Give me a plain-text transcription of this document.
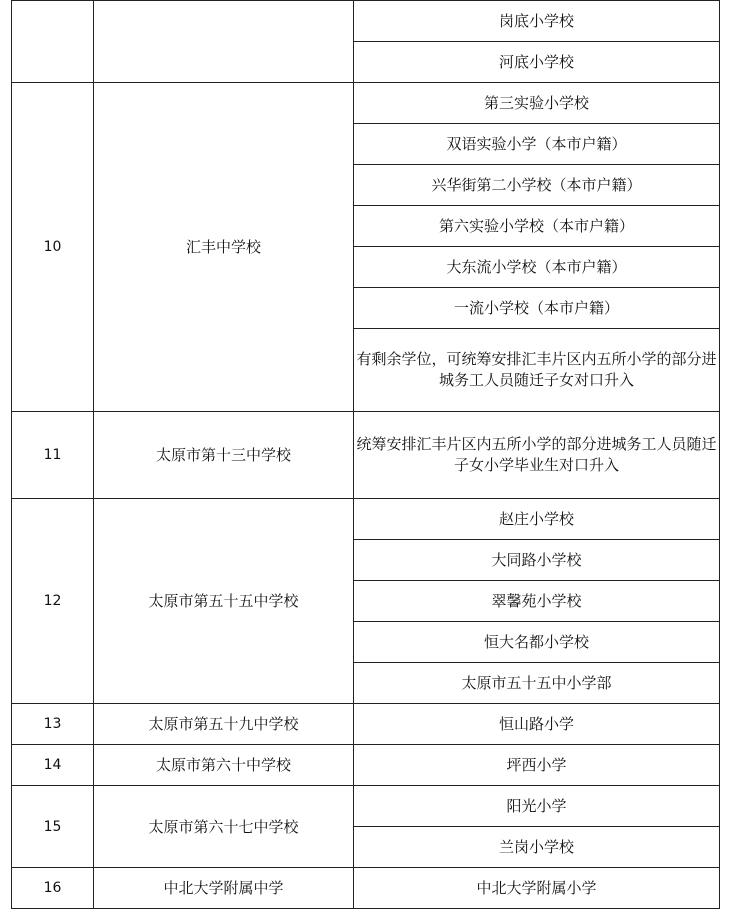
		岗底小学校
		河底小学校
10	汇丰中学校	第三实验小学校
		双语实验小学（本市户籍）
		兴华街第二小学校（本市户籍）
		第六实验小学校（本市户籍）
		大东流小学校（本市户籍）
		一流小学校（本市户籍）
		有剩余学位，可统筹安排汇丰片区内五所小学的部分进城务工人员随迁子女对口升入
11	太原市第十三中学校	统筹安排汇丰片区内五所小学的部分进城务工人员随迁子女小学毕业生对口升入
12	太原市第五十五中学校	赵庄小学校
		大同路小学校
		翠馨苑小学校
		恒大名都小学校
		太原市五十五中小学部
13	太原市第五十九中学校	恒山路小学
14	太原市第六十中学校	坪西小学
15	太原市第六十七中学校	阳光小学
		兰岗小学校
16	中北大学附属中学	中北大学附属小学
